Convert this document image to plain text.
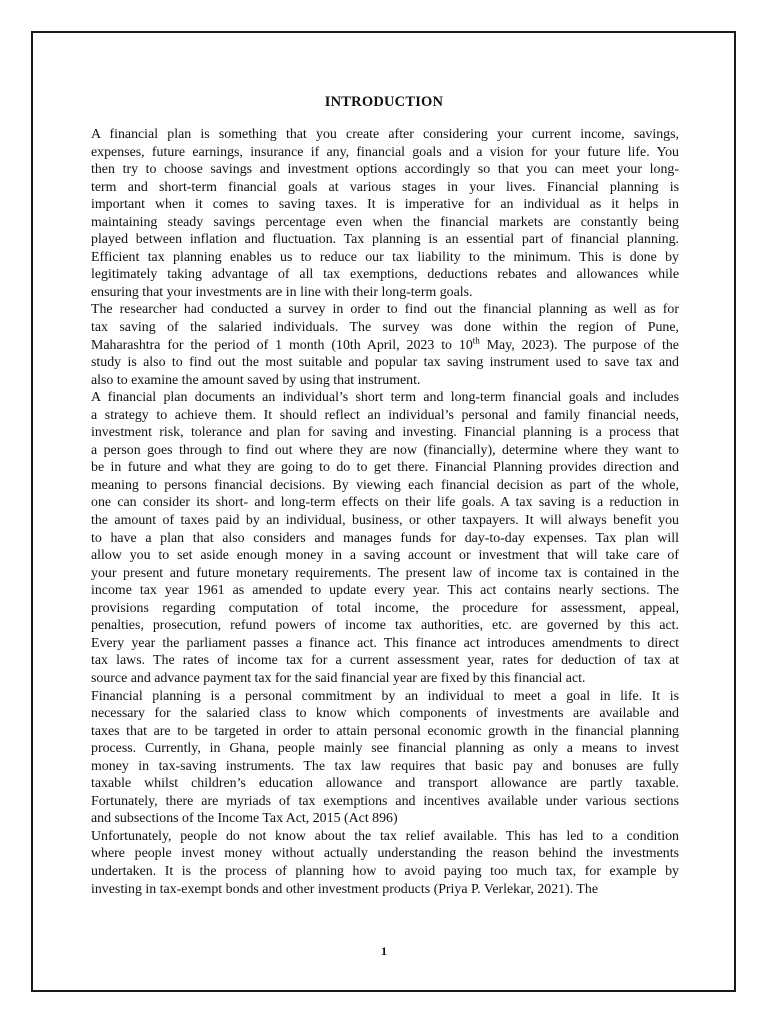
INTRODUCTION
A financial plan is something that you create after considering your current income, savings,
expenses, future earnings, insurance if any, financial goals and a vision for your future life. You
then try to choose savings and investment options accordingly so that you can meet your long-
term and short-term financial goals at various stages in your lives. Financial planning is
important when it comes to saving taxes. It is imperative for an individual as it helps in
maintaining steady savings percentage even when the financial markets are constantly being
played between inflation and fluctuation. Tax planning is an essential part of financial planning.
Efficient tax planning enables us to reduce our tax liability to the minimum. This is done by
legitimately taking advantage of all tax exemptions, deductions rebates and allowances while
ensuring that your investments are in line with their long-term goals.
The researcher had conducted a survey in order to find out the financial planning as well as for
tax saving of the salaried individuals. The survey was done within the region of Pune,
Maharashtra for the period of 1 month (10th April, 2023 to 10th May, 2023). The purpose of the
study is also to find out the most suitable and popular tax saving instrument used to save tax and
also to examine the amount saved by using that instrument.
A financial plan documents an individual’s short term and long-term financial goals and includes
a strategy to achieve them. It should reflect an individual’s personal and family financial needs,
investment risk, tolerance and plan for saving and investing. Financial planning is a process that
a person goes through to find out where they are now (financially), determine where they want to
be in future and what they are going to do to get there. Financial Planning provides direction and
meaning to persons financial decisions. By viewing each financial decision as part of the whole,
one can consider its short- and long-term effects on their life goals. A tax saving is a reduction in
the amount of taxes paid by an individual, business, or other taxpayers. It will always benefit you
to have a plan that also considers and manages funds for day-to-day expenses. Tax plan will
allow you to set aside enough money in a saving account or investment that will take care of
your present and future monetary requirements. The present law of income tax is contained in the
income tax year 1961 as amended to update every year. This act contains nearly sections. The
provisions regarding computation of total income, the procedure for assessment, appeal,
penalties, prosecution, refund powers of income tax authorities, etc. are governed by this act.
Every year the parliament passes a finance act. This finance act introduces amendments to direct
tax laws. The rates of income tax for a current assessment year, rates for deduction of tax at
source and advance payment tax for the said financial year are fixed by this financial act.
Financial planning is a personal commitment by an individual to meet a goal in life. It is
necessary for the salaried class to know which components of investments are available and
taxes that are to be targeted in order to attain personal economic growth in the financial planning
process. Currently, in Ghana, people mainly see financial planning as only a means to invest
money in tax-saving instruments. The tax law requires that basic pay and bonuses are fully
taxable whilst children’s education allowance and transport allowance are partly taxable.
Fortunately, there are myriads of tax exemptions and incentives available under various sections
and subsections of the Income Tax Act, 2015 (Act 896)
Unfortunately, people do not know about the tax relief available. This has led to a condition
where people invest money without actually understanding the reason behind the investments
undertaken. It is the process of planning how to avoid paying too much tax, for example by
investing in tax-exempt bonds and other investment products (Priya P. Verlekar, 2021). The
1
